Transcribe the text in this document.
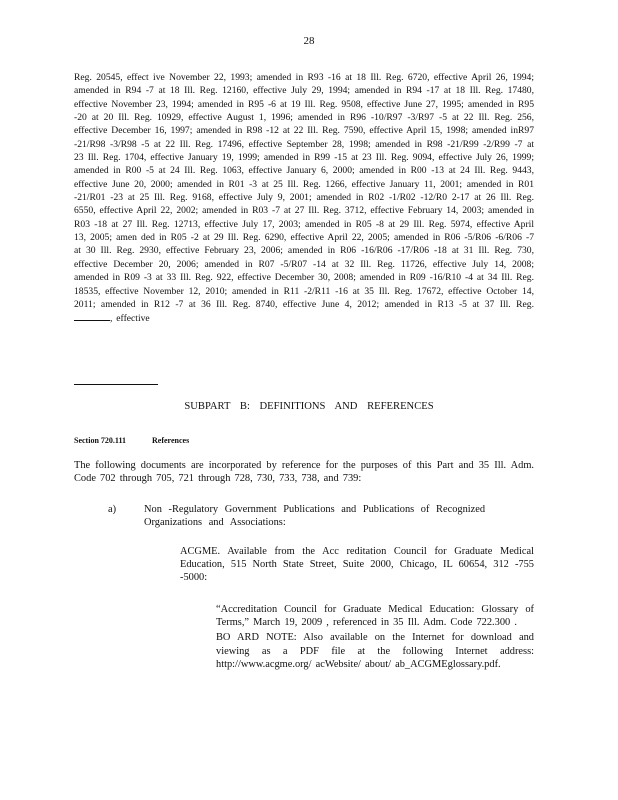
28

Reg. 20545, effect ive November 22, 1993; amended in R93 -16 at 18 Ill. Reg. 6720, effective April 26, 1994; amended in R94 -7 at 18 Ill. Reg. 12160, effective July 29, 1994; amended in R94 -17 at 18 Ill. Reg. 17480, effective November 23, 1994; amended in R95 -6 at 19 Ill. Reg. 9508, effective June 27, 1995; amended in R95 -20 at 20 Ill. Reg. 10929, effective August 1, 1996; amended in R96 -10/R97 -3/R97 -5 at 22 Ill. Reg. 256, effective December 16, 1997; amended in R98 -12 at 22 Ill. Reg. 7590, effective April 15, 1998; amended inR97 -21/R98 -3/R98 -5 at 22 Ill. Reg. 17496, effective September 28, 1998; amended in R98 -21/R99 -2/R99 -7 at 23 Ill. Reg. 1704, effective January 19, 1999; amended in R99 -15 at 23 Ill. Reg. 9094, effective July 26, 1999; amended in R00 -5 at 24 Ill. Reg. 1063, effective January 6, 2000; amended in R00 -13 at 24 Ill. Reg. 9443, effective June 20, 2000; amended in R01 -3 at 25 Ill. Reg. 1266, effective January 11, 2001; amended in R01 -21/R01 -23 at 25 Ill. Reg. 9168, effective July 9, 2001; amended in R02 -1/R02 -12/R0 2-17 at 26 Ill. Reg. 6550, effective April 22, 2002; amended in R03 -7 at 27 Ill. Reg. 3712, effective February 14, 2003; amended in R03 -18 at 27 Ill. Reg. 12713, effective July 17, 2003; amended in R05 -8 at 29 Ill. Reg. 5974, effective April 13, 2005; amen ded in R05 -2 at 29 Ill. Reg. 6290, effective April 22, 2005; amended in R06 -5/R06 -6/R06 -7 at 30 Ill. Reg. 2930, effective February 23, 2006; amended in R06 -16/R06 -17/R06 -18 at 31 Ill. Reg. 730, effective December 20, 2006; amended in R07 -5/R07 -14 at 32 Ill. Reg. 11726, effective July 14, 2008; amended in R09 -3 at 33 Ill. Reg. 922, effective December 30, 2008; amended in R09 -16/R10 -4 at 34 Ill. Reg. 18535, effective November 12, 2010; amended in R11 -2/R11 -16 at 35 Ill. Reg. 17672, effective October 14, 2011; amended in R12 -7 at 36 Ill. Reg. 8740, effective June 4, 2012; amended in R13 -5 at 37 Ill. Reg. , effective

SUBPART B: DEFINITIONS AND REFERENCES
Section 720.111	References

The following documents are incorporated by reference for the purposes of this Part and 35 Ill. Adm. Code 702 through 705, 721 through 728, 730, 733, 738, and 739:

a)	Non -Regulatory Government Publications and Publications of Recognized Organizations and Associations:

ACGME. Available from the Acc reditation Council for Graduate Medical Education, 515 North State Street, Suite 2000, Chicago, IL 60654, 312 -755 -5000:

“Accreditation Council for Graduate Medical Education: Glossary of Terms,” March 19, 2009 , referenced in 35 Ill. Adm. Code 722.300 .

BO ARD NOTE: Also available on the Internet for download and viewing as a PDF file at the following Internet address: http://www.acgme.org/ acWebsite/ about/ ab_ACGMEglossary.pdf.
